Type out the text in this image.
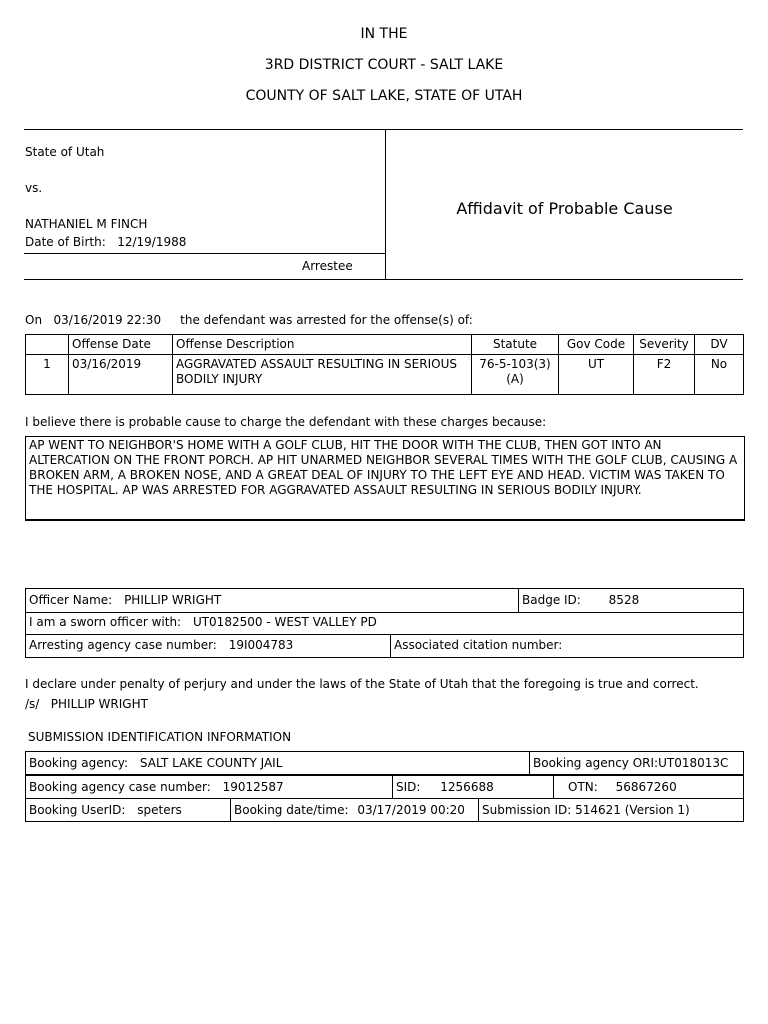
IN THE
3RD DISTRICT COURT - SALT LAKE
COUNTY OF SALT LAKE, STATE OF UTAH
State of Utah
vs.
NATHANIEL M FINCH
Date of Birth: 12/19/1988
Arrestee
Affidavit of Probable Cause
On 03/16/2019 22:30 the defendant was arrested for the offense(s) of:
	Offense Date	Offense Description	Statute	Gov Code	Severity	DV
1	03/16/2019	AGGRAVATED ASSAULT RESULTING IN SERIOUS BODILY INJURY	76-5-103(3)(A)	UT	F2	No
I believe there is probable cause to charge the defendant with these charges because:
AP WENT TO NEIGHBOR'S HOME WITH A GOLF CLUB, HIT THE DOOR WITH THE CLUB, THEN GOT INTO AN ALTERCATION ON THE FRONT PORCH. AP HIT UNARMED NEIGHBOR SEVERAL TIMES WITH THE GOLF CLUB, CAUSING A BROKEN ARM, A BROKEN NOSE, AND A GREAT DEAL OF INJURY TO THE LEFT EYE AND HEAD. VICTIM WAS TAKEN TO THE HOSPITAL. AP WAS ARRESTED FOR AGGRAVATED ASSAULT RESULTING IN SERIOUS BODILY INJURY.
Officer Name: PHILLIP WRIGHT	Badge ID: 8528
I am a sworn officer with: UT0182500 - WEST VALLEY PD
Arresting agency case number: 19I004783	Associated citation number:
I declare under penalty of perjury and under the laws of the State of Utah that the foregoing is true and correct.
/s/ PHILLIP WRIGHT
SUBMISSION IDENTIFICATION INFORMATION
Booking agency: SALT LAKE COUNTY JAIL	Booking agency ORI:UT018013C
Booking agency case number: 19012587	SID: 1256688	OTN: 56867260
Booking UserID: speters	Booking date/time: 03/17/2019 00:20	Submission ID: 514621 (Version 1)
